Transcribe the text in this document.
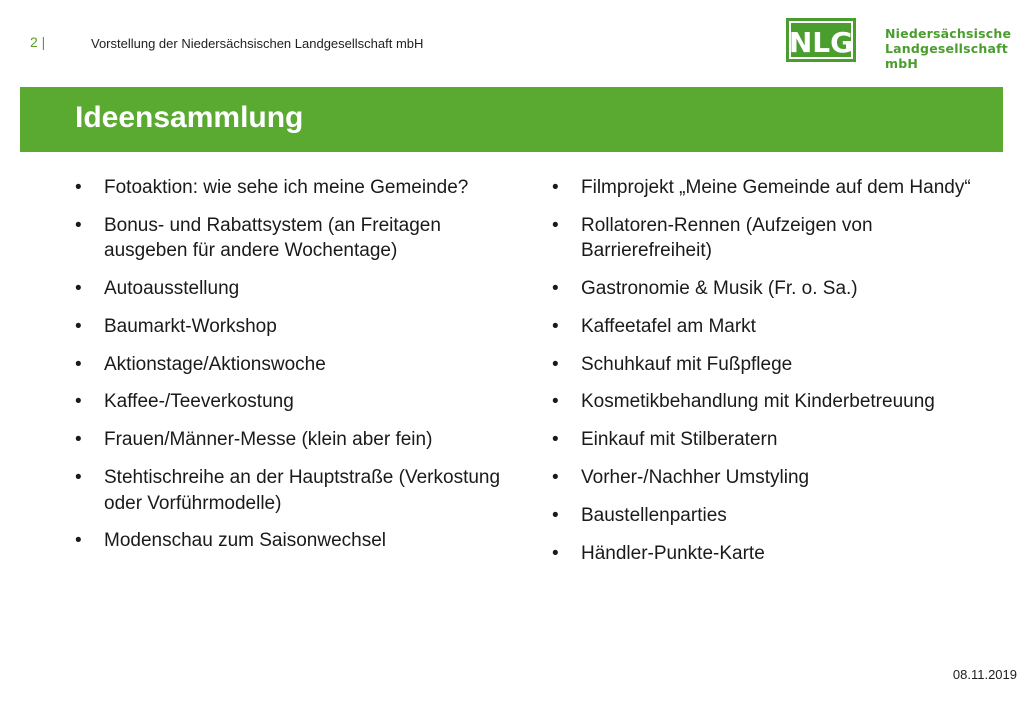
2 |	Vorstellung der Niedersächsischen Landgesellschaft mbH	NLG	Niedersächsische
Landgesellschaft mbH
Ideensammlung
• Fotoaktion: wie sehe ich meine Gemeinde?
• Bonus- und Rabattsystem (an Freitagen ausgeben für andere Wochentage)
• Autoausstellung
• Baumarkt-Workshop
• Aktionstage/Aktionswoche
• Kaffee-/Teeverkostung
• Frauen/Männer-Messe (klein aber fein)
• Stehtischreihe an der Hauptstraße (Verkostung oder Vorführmodelle)
• Modenschau zum Saisonwechsel
• Filmprojekt „Meine Gemeinde auf dem Handy“
• Rollatoren-Rennen (Aufzeigen von Barrierefreiheit)
• Gastronomie & Musik (Fr. o. Sa.)
• Kaffeetafel am Markt
• Schuhkauf mit Fußpflege
• Kosmetikbehandlung mit Kinderbetreuung
• Einkauf mit Stilberatern
• Vorher-/Nachher Umstyling
• Baustellenparties
• Händler-Punkte-Karte
08.11.2019
